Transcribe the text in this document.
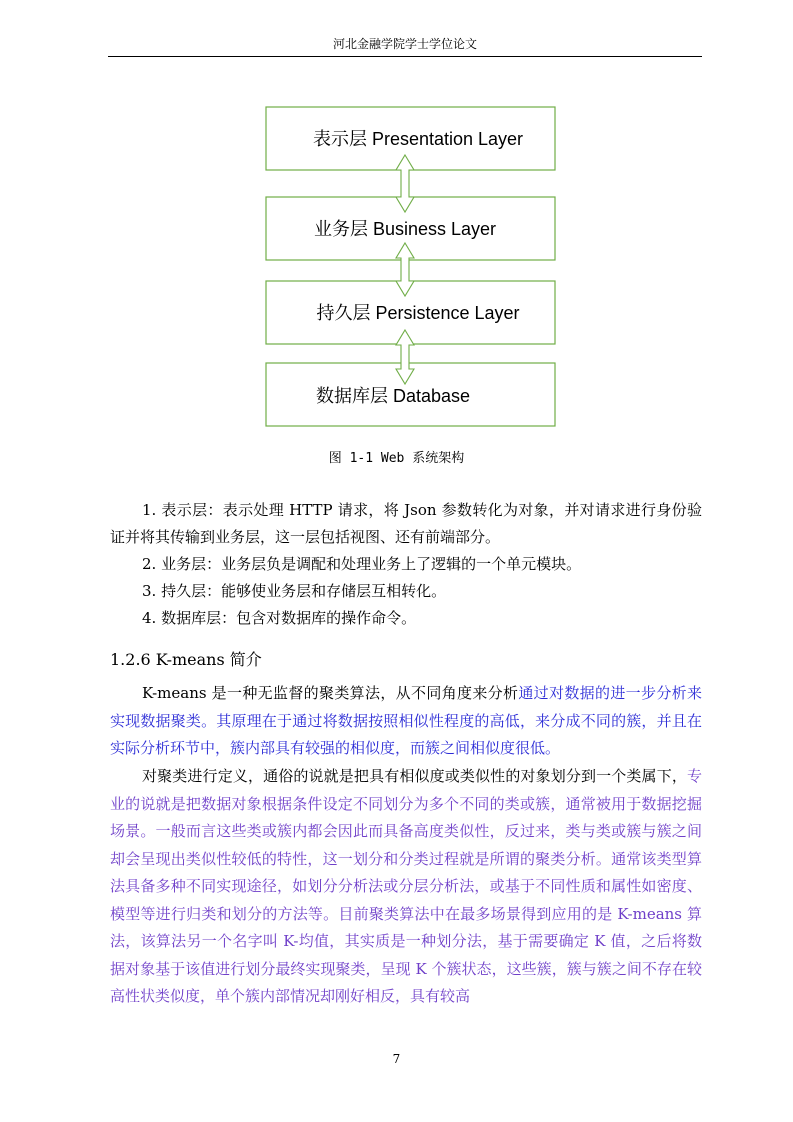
河北金融学院学士学位论文
表示层 Presentation Layer
业务层 Business Layer
持久层 Persistence Layer
数据库层 Database
图 1-1 Web 系统架构
1. 表示层：表示处理 HTTP 请求，将 Json 参数转化为对象，并对请求进行身份验证并将其传输到业务层，这一层包括视图、还有前端部分。
2. 业务层：业务层负是调配和处理业务上了逻辑的一个单元模块。
3. 持久层：能够使业务层和存储层互相转化。
4. 数据库层：包含对数据库的操作命令。
1.2.6 K-means 简介
K-means 是一种无监督的聚类算法，从不同角度来分析通过对数据的进一步分析来实现数据聚类。其原理在于通过将数据按照相似性程度的高低，来分成不同的簇，并且在实际分析环节中，簇内部具有较强的相似度，而簇之间相似度很低。
对聚类进行定义，通俗的说就是把具有相似度或类似性的对象划分到一个类属下，专业的说就是把数据对象根据条件设定不同划分为多个不同的类或簇，通常被用于数据挖掘场景。一般而言这些类或簇内都会因此而具备高度类似性，反过来，类与类或簇与簇之间却会呈现出类似性较低的特性，这一划分和分类过程就是所谓的聚类分析。通常该类型算法具备多种不同实现途径，如划分分析法或分层分析法，或基于不同性质和属性如密度、模型等进行归类和划分的方法等。目前聚类算法中在最多场景得到应用的是 K-means 算法，该算法另一个名字叫 K-均值，其实质是一种划分法，基于需要确定 K 值，之后将数据对象基于该值进行划分最终实现聚类，呈现 K 个簇状态，这些簇，簇与簇之间不存在较高性状类似度，单个簇内部情况却刚好相反，具有较高
7
